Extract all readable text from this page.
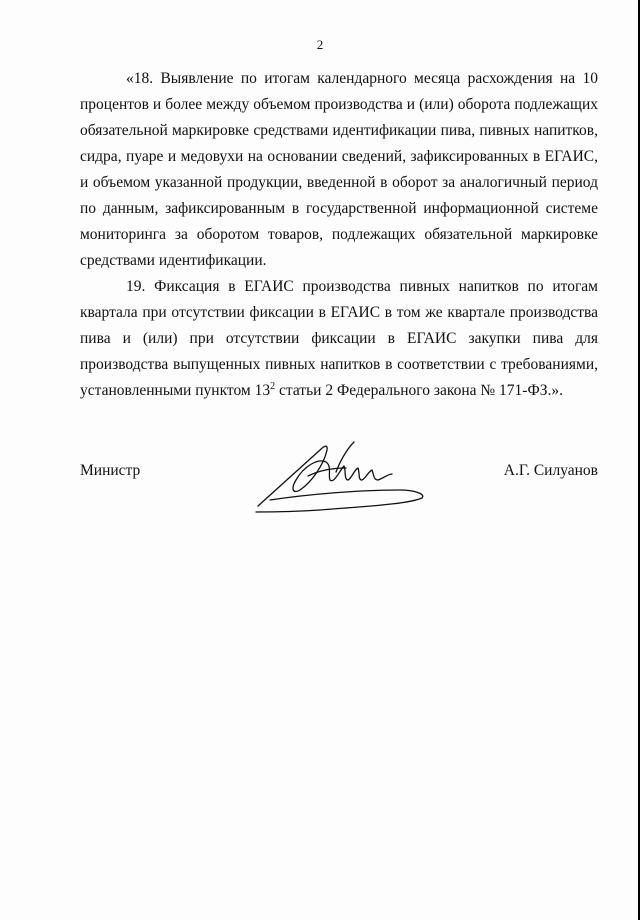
2

«18. Выявление по итогам календарного месяца расхождения на 10 процентов и более между объемом производства и (или) оборота подлежащих обязательной маркировке средствами идентификации пива, пивных напитков, сидра, пуаре и медовухи на основании сведений, зафиксированных в ЕГАИС, и объемом указанной продукции, введенной в оборот за аналогичный период по данным, зафиксированным в государственной информационной системе мониторинга за оборотом товаров, подлежащих обязательной маркировке средствами идентификации.

19. Фиксация в ЕГАИС производства пивных напитков по итогам квартала при отсутствии фиксации в ЕГАИС в том же квартале производства пива и (или) при отсутствии фиксации в ЕГАИС закупки пива для производства выпущенных пивных напитков в соответствии с требованиями, установленными пунктом $13^2$ статьи 2 Федерального закона № 171-ФЗ.».

Министр	А.Г. Силуанов
